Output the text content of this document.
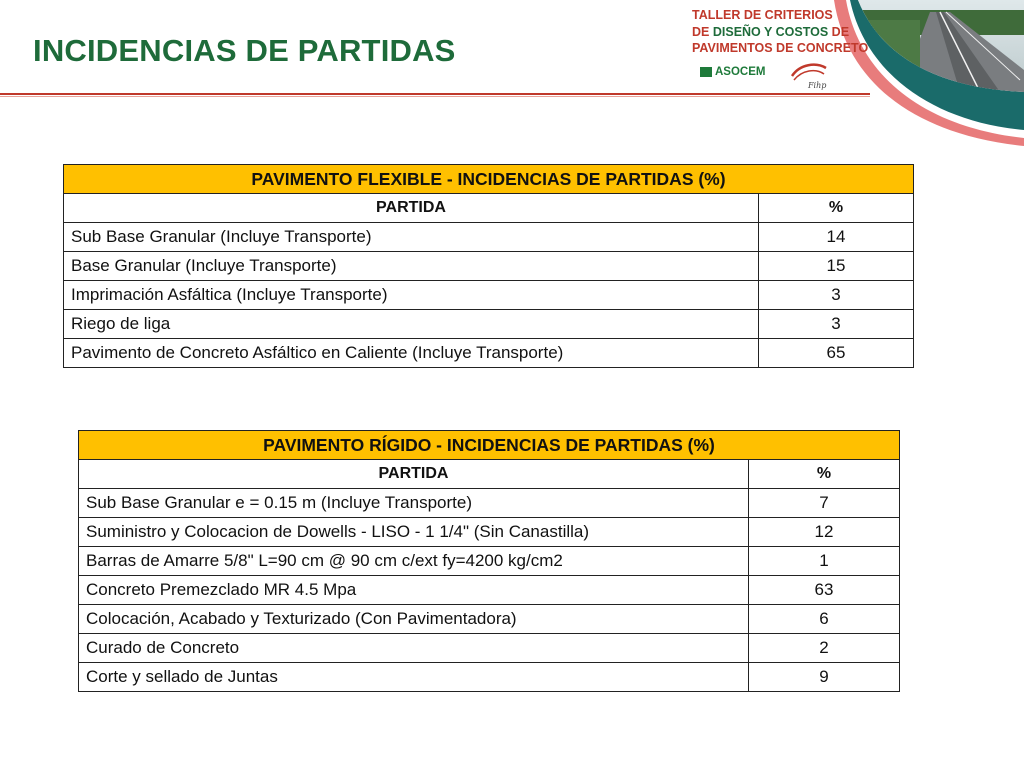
TALLER DE CRITERIOS
DE DISEÑO Y COSTOS DE
PAVIMENTOS DE CONCRETO
ASOCEM
Fihp
INCIDENCIAS DE PARTIDAS
PAVIMENTO FLEXIBLE - INCIDENCIAS DE PARTIDAS (%)	
PARTIDA	%
Sub Base Granular (Incluye Transporte)	14
Base Granular (Incluye Transporte)	15
Imprimación Asfáltica (Incluye Transporte)	3
Riego de liga	3
Pavimento de Concreto Asfáltico en Caliente (Incluye Transporte)	65
PAVIMENTO RÍGIDO - INCIDENCIAS DE PARTIDAS (%)	
PARTIDA	%
Sub Base Granular e = 0.15 m (Incluye Transporte)	7
Suministro y Colocacion de Dowells - LISO - 1 1/4" (Sin Canastilla)	12
Barras de Amarre 5/8" L=90 cm @ 90 cm c/ext fy=4200 kg/cm2	1
Concreto Premezclado MR 4.5 Mpa	63
Colocación, Acabado y Texturizado (Con Pavimentadora)	6
Curado de Concreto	2
Corte y sellado de Juntas	9
